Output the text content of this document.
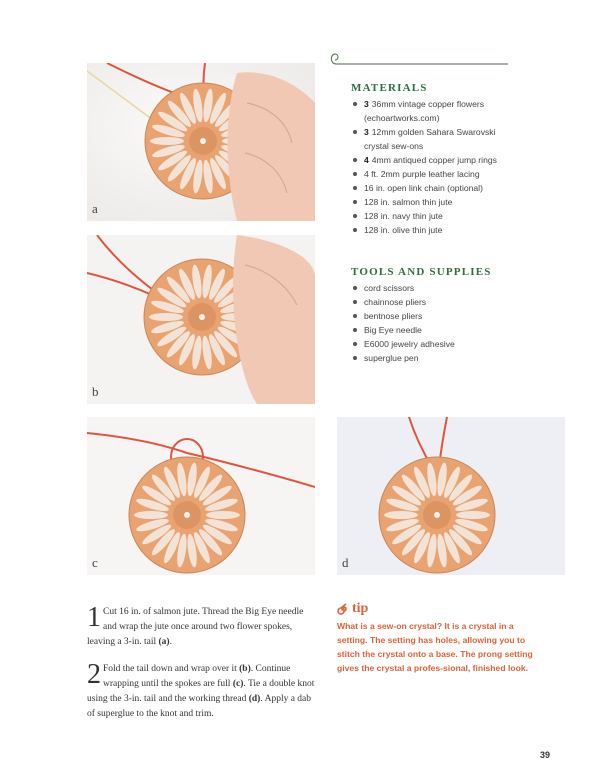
a
b
c	d
MATERIALS
3 36mm vintage copper flowers
(echoartworks.com)
3 12mm golden Sahara Swarovski
crystal sew-ons
4 4mm antiqued copper jump rings
4 ft. 2mm purple leather lacing
16 in. open link chain (optional)
128 in. salmon thin jute
128 in. navy thin jute
128 in. olive thin jute
TOOLS AND SUPPLIES
cord scissors
chainnose pliers
bentnose pliers
Big Eye needle
E6000 jewelry adhesive
superglue pen
1 Cut 16 in. of salmon jute. Thread the Big Eye needle and wrap the jute once around two flower spokes, leaving a 3-in. tail (a).
2 Fold the tail down and wrap over it (b). Continue wrapping until the spokes are full (c). Tie a double knot using the 3-in. tail and the working thread (d). Apply a dab of superglue to the knot and trim.
tip
What is a sew-on crystal? It is a crystal in a setting. The setting has holes, allowing you to stitch the crystal onto a base. The prong setting gives the crystal a profes-sional, finished look.
39
